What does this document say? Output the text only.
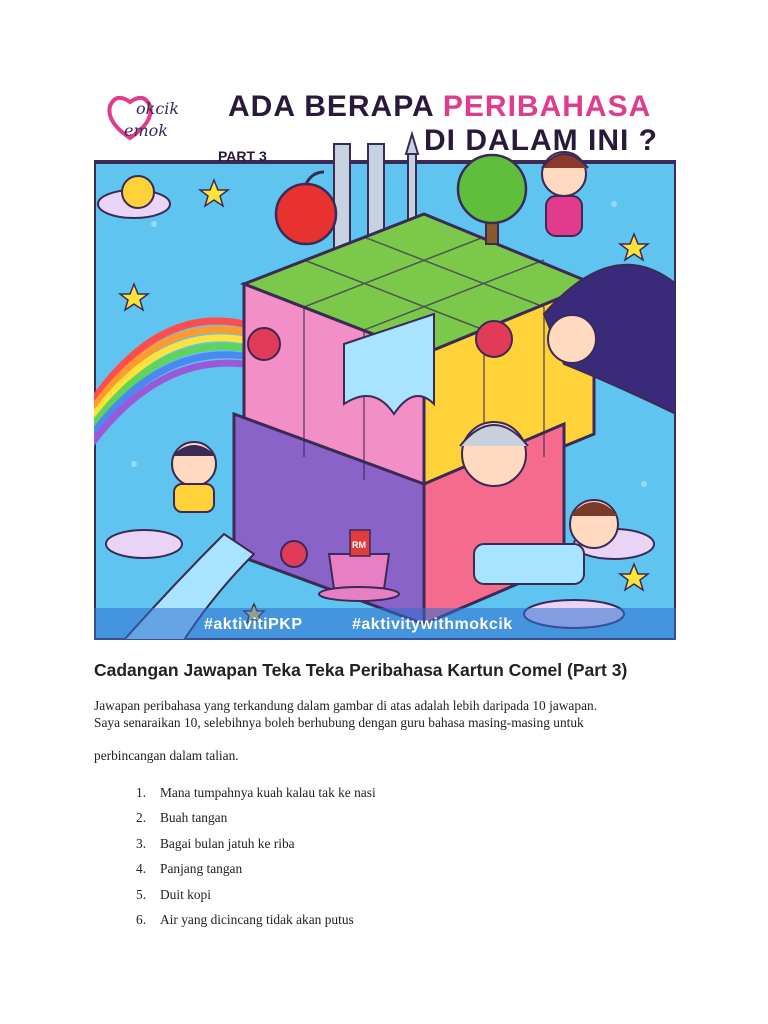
RM
ADA BERAPA PERIBAHASA
DI DALAM INI ?
PART 3
okcik
emok
#aktivitiPKP	#aktivitywithmokcik
Cadangan Jawapan Teka Teka Peribahasa Kartun Comel (Part 3)
Jawapan peribahasa yang terkandung dalam gambar di atas adalah lebih daripada 10 jawapan.
Saya senaraikan 10, selebihnya boleh berhubung dengan guru bahasa masing-masing untuk
perbincangan dalam talian.
1. Mana tumpahnya kuah kalau tak ke nasi
2. Buah tangan
3. Bagai bulan jatuh ke riba
4. Panjang tangan
5. Duit kopi
6. Air yang dicincang tidak akan putus
